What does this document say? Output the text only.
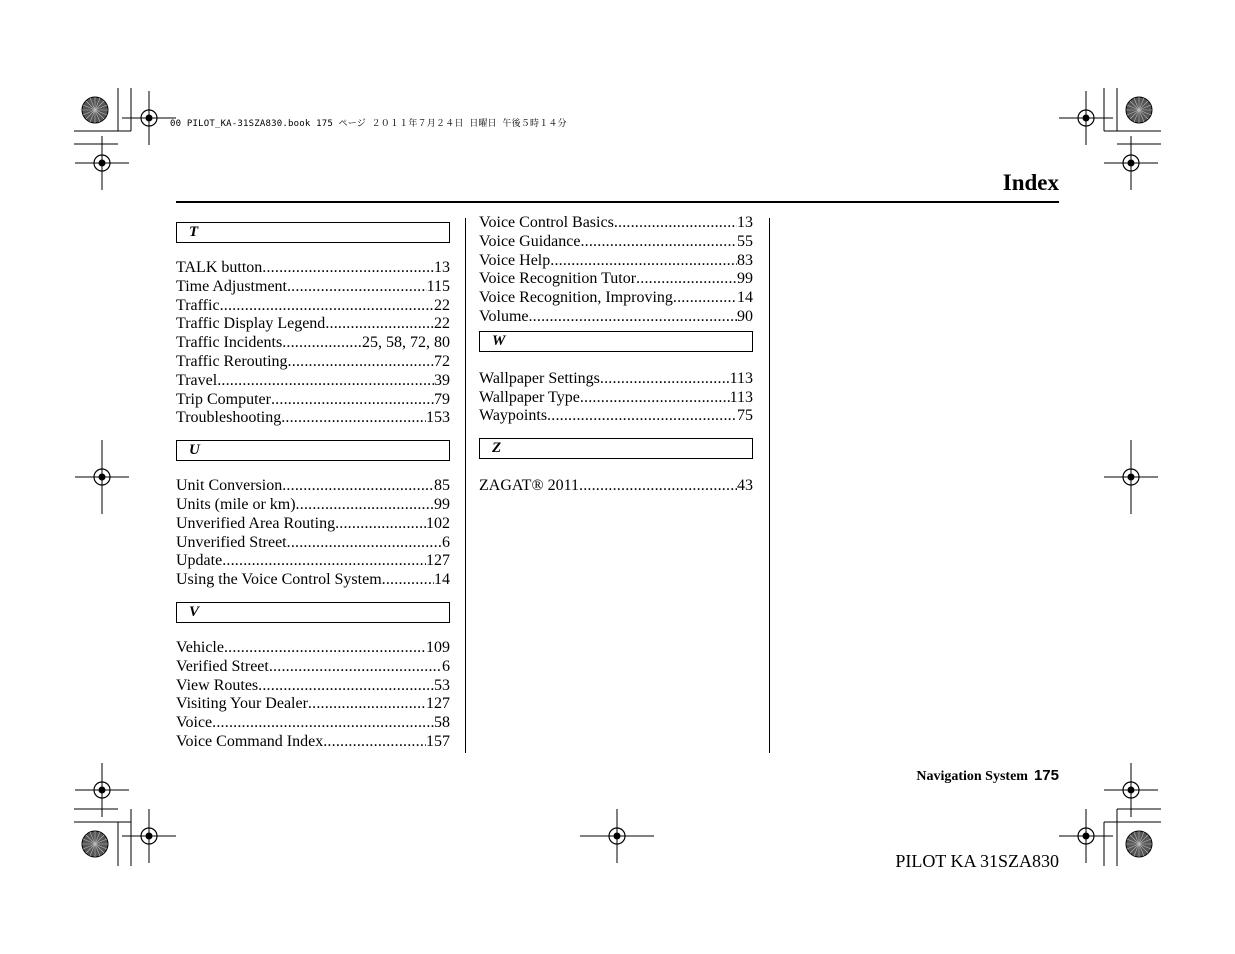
00 PILOT_KA-31SZA830.book 175 ページ ２０１１年７月２４日 日曜日 午後５時１４分
Index
T
TALK button .....	13
Time Adjustment .....	115
Traffic .....	22
Traffic Display Legend .....	22
Traffic Incidents .....	25, 58, 72, 80
Traffic Rerouting .....	72
Travel .....	39
Trip Computer .....	79
Troubleshooting .....	153
U
Unit Conversion .....	85
Units (mile or km) .....	99
Unverified Area Routing .....	102
Unverified Street .....	6
Update .....	127
Using the Voice Control System .....	14
V
Vehicle .....	109
Verified Street .....	6
View Routes .....	53
Visiting Your Dealer .....	127
Voice .....	58
Voice Command Index .....	157
Voice Control Basics .....	13
Voice Guidance .....	55
Voice Help .....	83
Voice Recognition Tutor .....	99
Voice Recognition, Improving .....	14
Volume .....	90
W
Wallpaper Settings .....	113
Wallpaper Type .....	113
Waypoints .....	75
Z
ZAGAT® 2011 .....	43
Navigation System 175
PILOT KA 31SZA830
